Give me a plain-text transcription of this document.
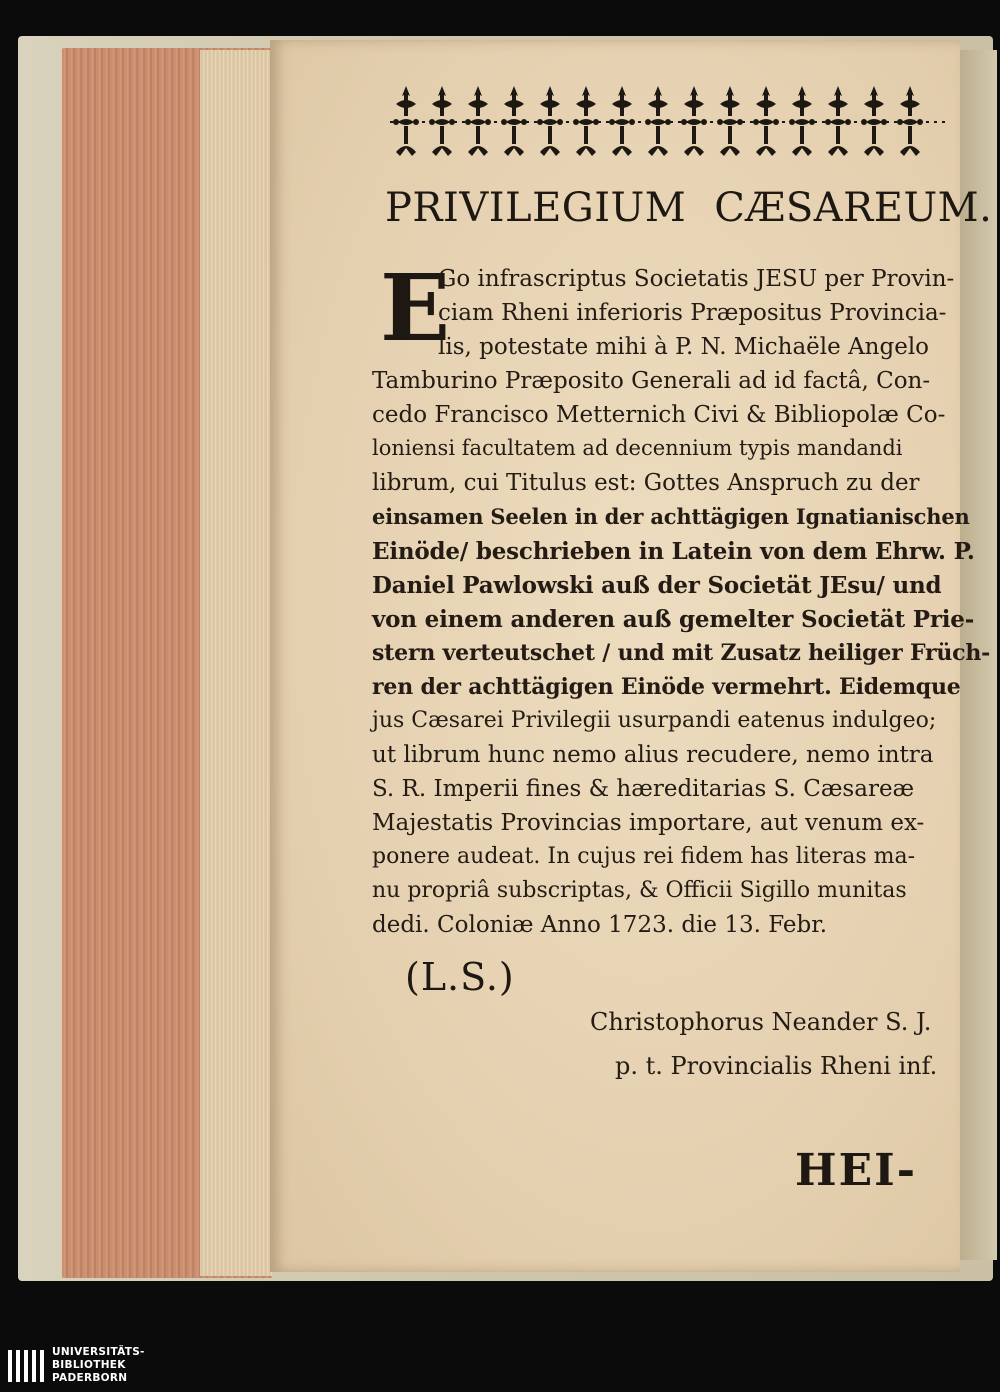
PRIVILEGIUM CÆSAREUM.
E
Go infrascriptus Societatis JESU per Provin-
ciam Rheni inferioris Præpositus Provincia-
lis, potestate mihi à P. N. Michaële Angelo
Tamburino Præposito Generali ad id factâ, Con-
cedo Francisco Metternich Civi & Bibliopolæ Co-
loniensi facultatem ad decennium typis mandandi
librum, cui Titulus est: Gottes Anspruch zu der
einsamen Seelen in der achttägigen Ignatianischen
Einöde/ beschrieben in Latein von dem Ehrw. P.
Daniel Pawlowski auß der Societät JEsu/ und
von einem anderen auß gemelter Societät Prie-
stern verteutschet / und mit Zusatz heiliger Früch-
ren der achttägigen Einöde vermehrt. Eidemque
jus Cæsarei Privilegii usurpandi eatenus indulgeo;
ut librum hunc nemo alius recudere, nemo intra
S. R. Imperii fines & hæreditarias S. Cæsareæ
Majestatis Provincias importare, aut venum ex-
ponere audeat. In cujus rei fidem has literas ma-
nu propriâ subscriptas, & Officii Sigillo munitas
dedi. Coloniæ Anno 1723. die 13. Febr.
(L.S.)
Christophorus Neander S. J.
p. t. Provincialis Rheni inf.
HEI-
UNIVERSITÄTS-
BIBLIOTHEK
PADERBORN
